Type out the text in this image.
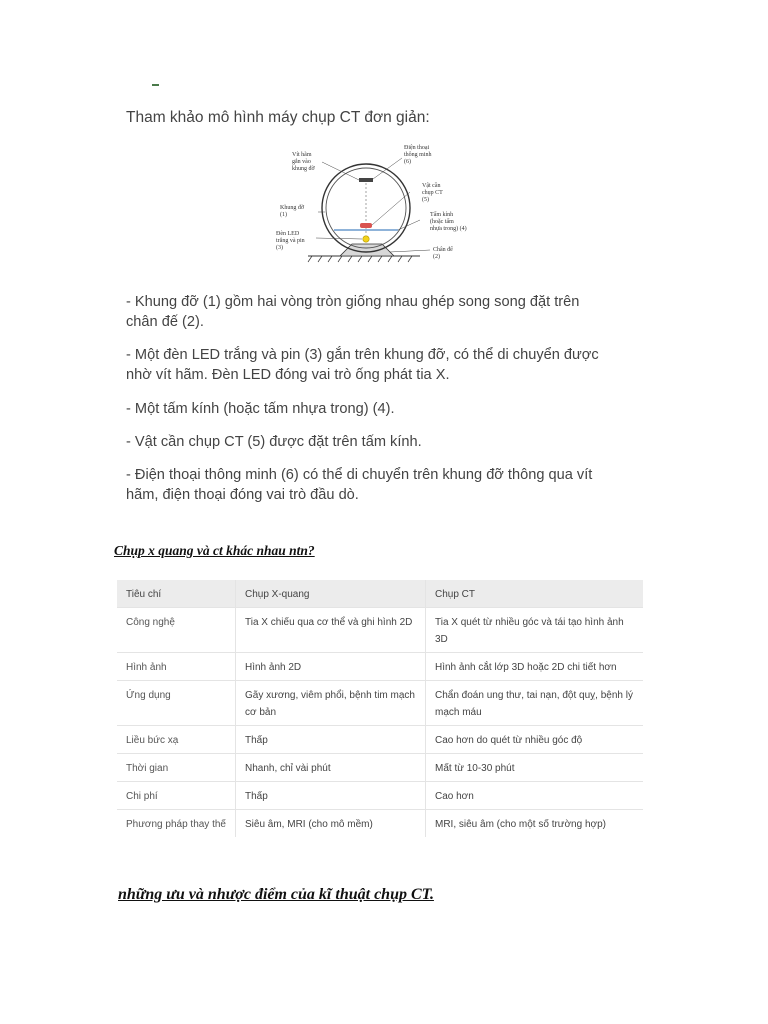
Tham khảo mô hình máy chụp CT đơn giản:
Vít hãm gắn vào khung đỡ
Khung đỡ (1)
Đèn LED trắng và pin (3)
Điện thoại thông minh (6)
Vật cần chụp CT (5)
Tấm kính (hoặc tấm nhựa trong) (4)
Chân đế (2)
- Khung đỡ (1) gồm hai vòng tròn giống nhau ghép song song đặt trên
chân đế (2).
- Một đèn LED trắng và pin (3) gắn trên khung đỡ, có thể di chuyển được
nhờ vít hãm. Đèn LED đóng vai trò ống phát tia X.
- Một tấm kính (hoặc tấm nhựa trong) (4).
- Vật cần chụp CT (5) được đặt trên tấm kính.
- Điện thoại thông minh (6) có thể di chuyển trên khung đỡ thông qua vít
hãm, điện thoại đóng vai trò đầu dò.
Chụp x quang và ct khác nhau ntn?
Tiêu chí	Chụp X-quang	Chụp CT
Công nghệ	Tia X chiếu qua cơ thể và ghi hình 2D	Tia X quét từ nhiều góc và tái tạo hình ảnh 3D
Hình ảnh	Hình ảnh 2D	Hình ảnh cắt lớp 3D hoặc 2D chi tiết hơn
Ứng dụng	Gãy xương, viêm phổi, bệnh tim mạch cơ bản	Chẩn đoán ung thư, tai nạn, đột quỵ, bệnh lý mạch máu
Liều bức xạ	Thấp	Cao hơn do quét từ nhiều góc độ
Thời gian	Nhanh, chỉ vài phút	Mất từ 10-30 phút
Chi phí	Thấp	Cao hơn
Phương pháp thay thế	Siêu âm, MRI (cho mô mềm)	MRI, siêu âm (cho một số trường hợp)
những ưu và nhược điểm của kĩ thuật chụp CT.
